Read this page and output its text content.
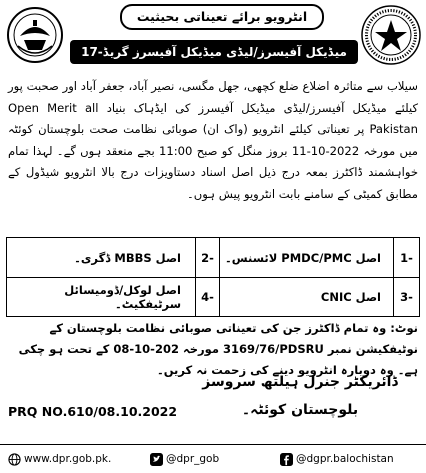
انٹرویو برائے تعیناتی بحیثیت
میڈیکل آفیسرز/لیڈی میڈیکل آفیسرز گریڈ-17
سیلاب سے متاثرہ اضلاع ضلع کچھی، جھل مگسی، نصیر آباد، جعفر آباد اور صحبت پور کیلئے میڈیکل آفیسرز/لیڈی میڈیکل آفیسرز کی ایڈہاک بنیاد Open Merit all Pakistan پر تعیناتی کیلئے انٹرویو (واک ان) صوبائی نظامت صحت بلوچستان کوئٹہ میں مورخہ 11-10-2022 بروز منگل کو صبح 11:00 بجے منعقد ہوں گے۔ لہذا تمام خواہشمند ڈاکٹرز بمعہ درج ذیل اصل اسناد دستاویزات درج بالا انٹرویو شیڈول کے مطابق کمیٹی کے سامنے بابت انٹرویو پیش ہوں۔
-1
اصل PMDC/PMC لائسنس۔
-2
اصل MBBS ڈگری۔
-3
اصل CNIC
-4
اصل لوکل/ڈومیسائل سرٹیفکیٹ۔
نوٹ: وہ تمام ڈاکٹرز جن کی تعیناتی صوبائی نظامت بلوچستان کے نوٹیفکیشن نمبر 3169/76/PDSRU مورخہ 08-10-202 کے تحت ہو چکی ہے۔ وہ دوبارہ انٹرویو دینے کی زحمت نہ کریں۔
ڈائریکٹر جنرل ہیلتھ سروسز
بلوچستان کوئٹہ۔
PRQ NO.610/08.10.2022
www.dpr.gob.pk.	@dpr_gob	@dgpr.balochistan
